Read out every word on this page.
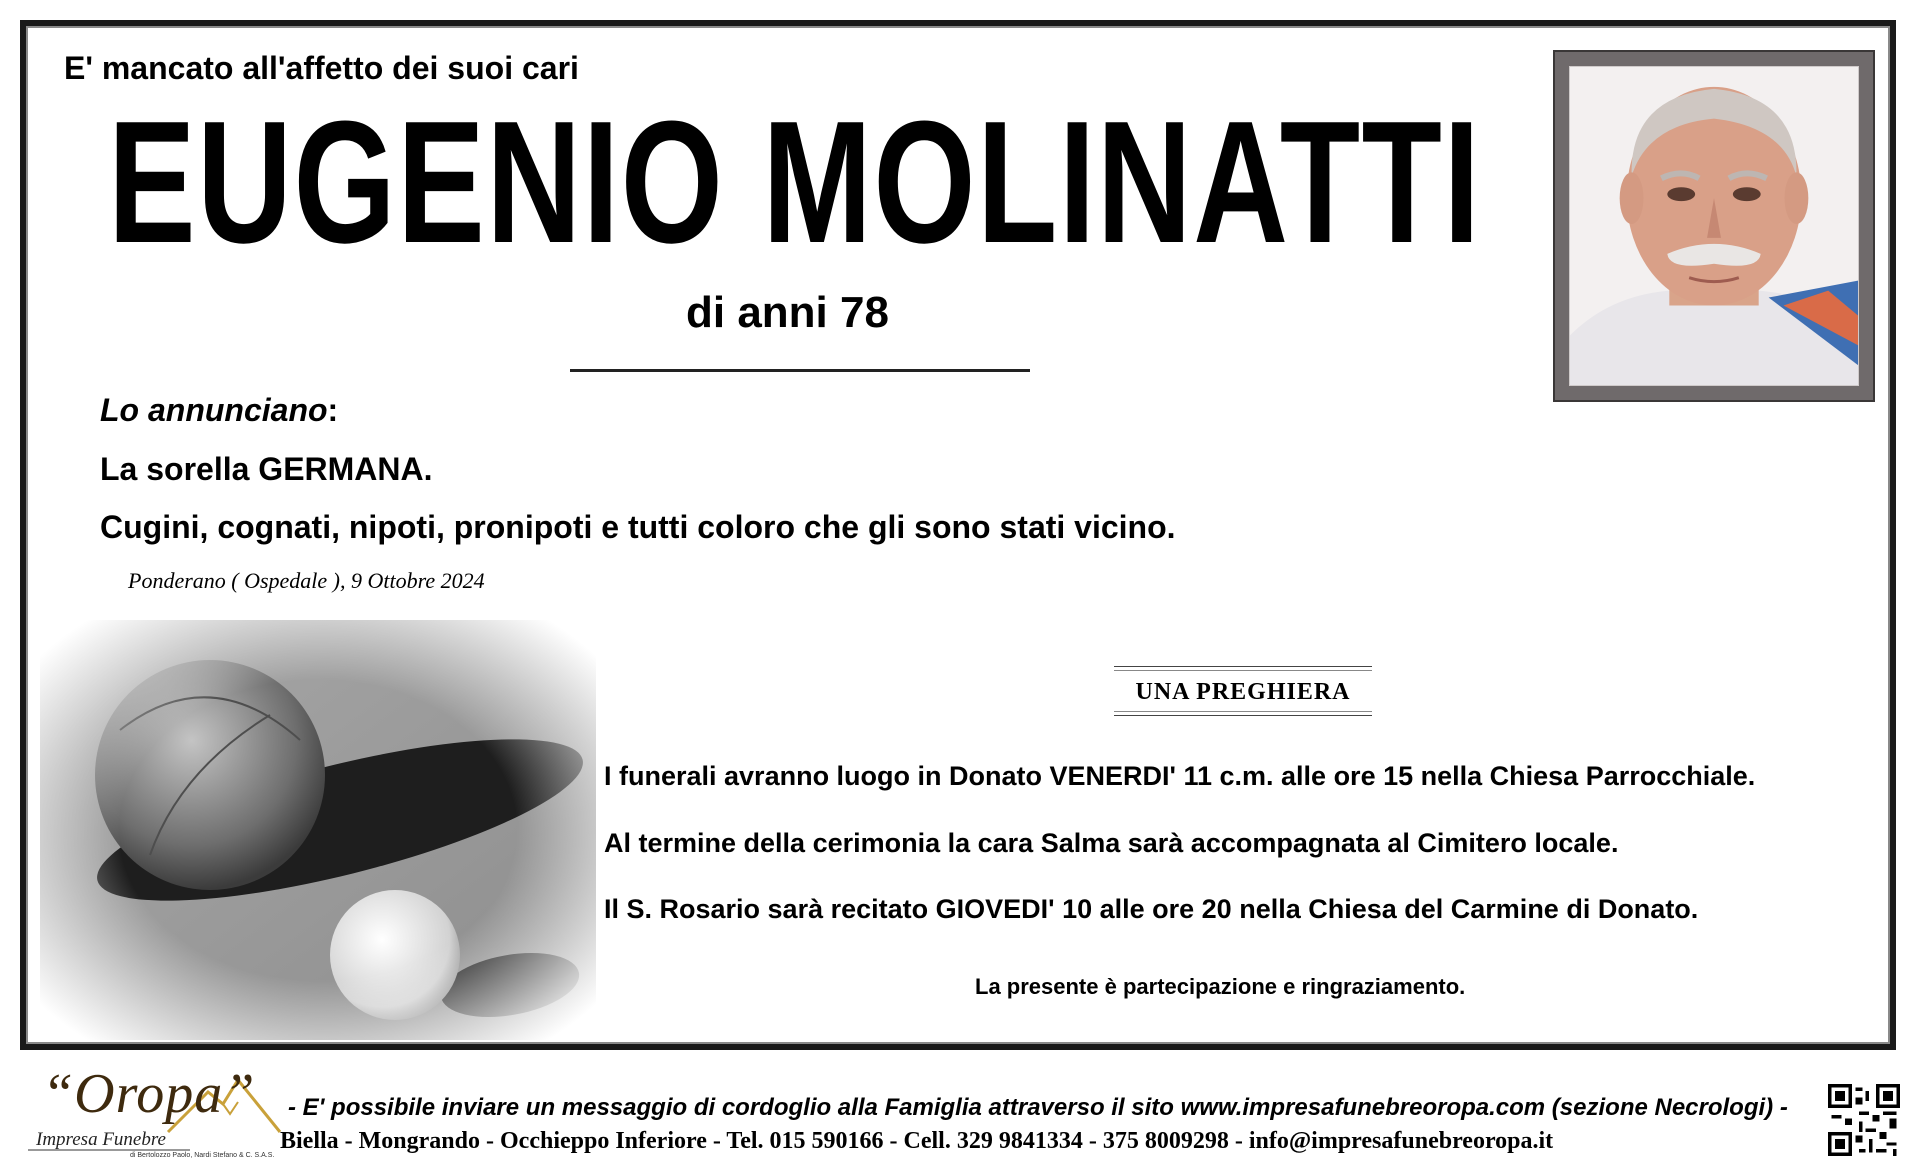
E' mancato all'affetto dei suoi cari
EUGENIO MOLINATTI
di anni 78
Lo annunciano:
La sorella GERMANA.
Cugini, cognati, nipoti, pronipoti e tutti coloro che gli sono stati vicino.
Ponderano ( Ospedale ), 9 Ottobre 2024
UNA PREGHIERA
I funerali avranno luogo in Donato VENERDI' 11 c.m. alle ore 15 nella Chiesa Parrocchiale.
Al termine della cerimonia la cara Salma sarà accompagnata al Cimitero locale.
Il S. Rosario sarà recitato GIOVEDI' 10 alle ore 20 nella Chiesa del Carmine di Donato.
La presente è partecipazione e ringraziamento.
“Oropa”
Impresa Funebre
di Bertolozzo Paolo, Nardi Stefano & C. S.A.S.
- E' possibile inviare un messaggio di cordoglio alla Famiglia attraverso il sito www.impresafunebreoropa.com (sezione Necrologi) -
Biella - Mongrando - Occhieppo Inferiore - Tel. 015 590166 - Cell. 329 9841334 - 375 8009298 - info@impresafunebreoropa.it
